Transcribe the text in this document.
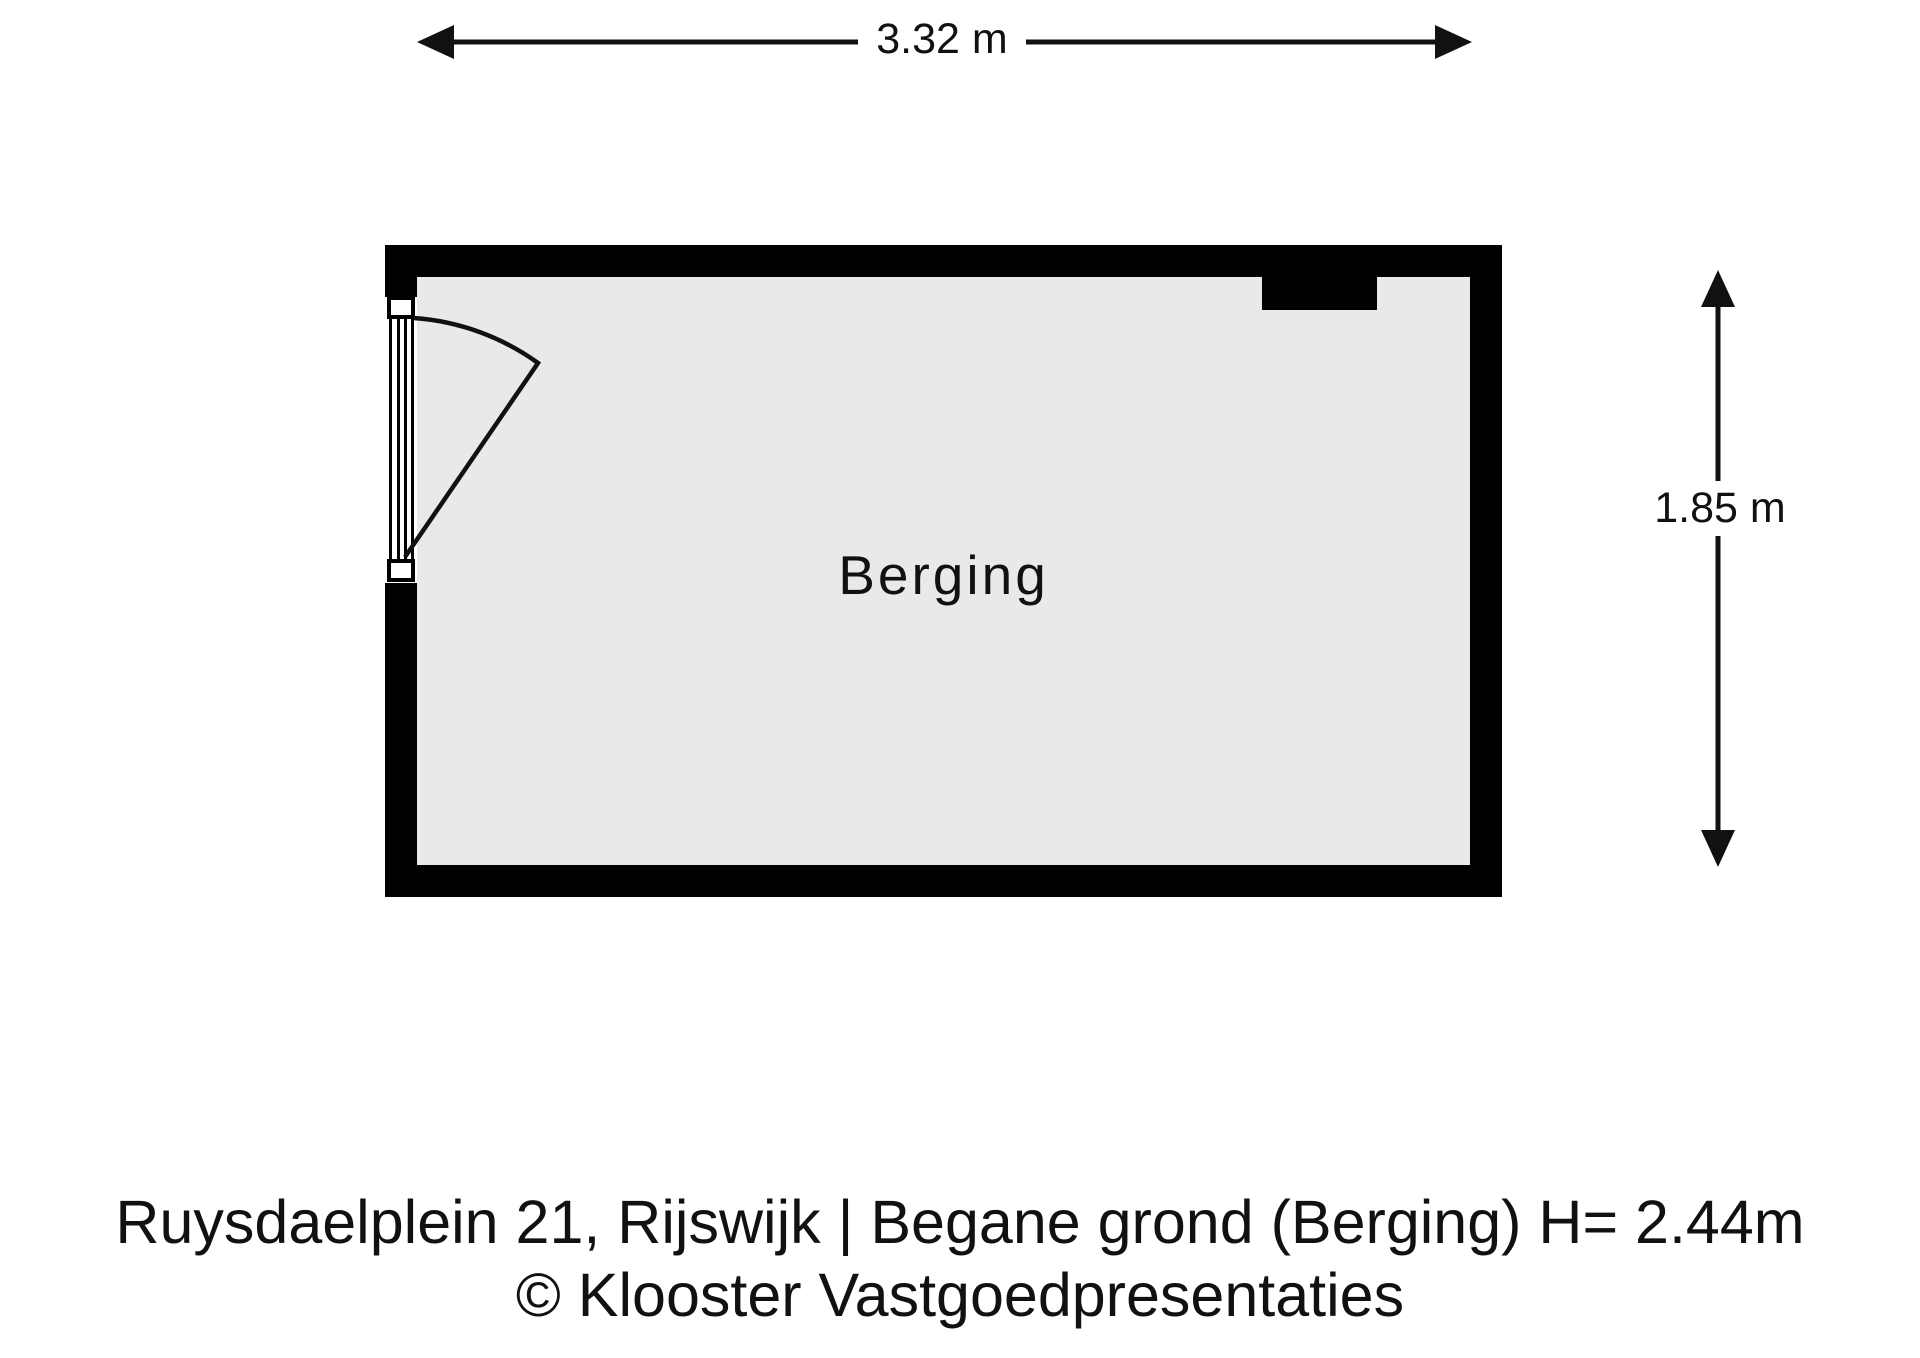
Berging
3.32 m
1.85 m
Ruysdaelplein 21, Rijswijk | Begane grond (Berging) H= 2.44m
© Klooster Vastgoedpresentaties
